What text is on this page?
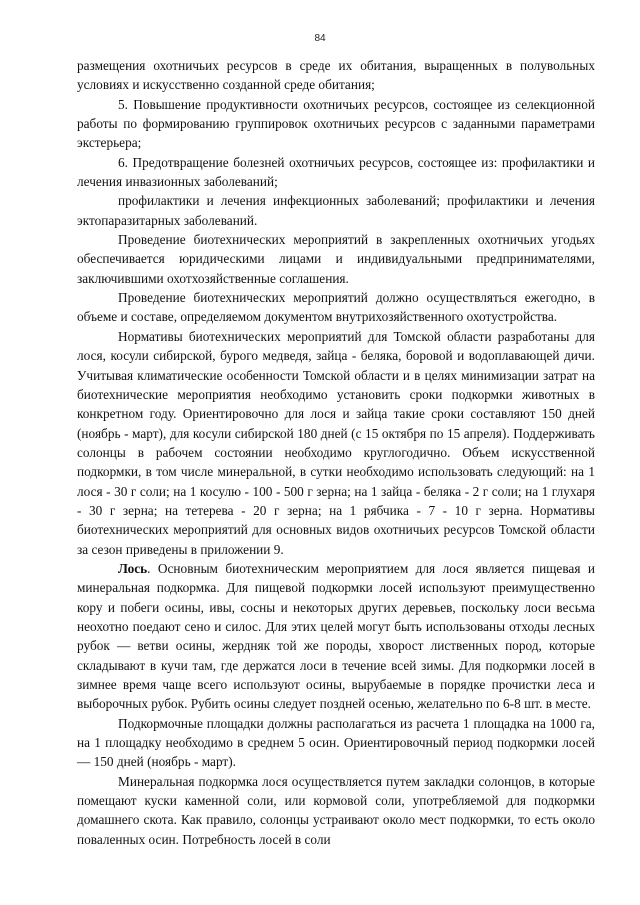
84

размещения охотничьих ресурсов в среде их обитания, выращенных в полувольных условиях и искусственно созданной среде обитания;

5. Повышение продуктивности охотничьих ресурсов, состоящее из селекционной работы по формированию группировок охотничьих ресурсов с заданными параметрами экстерьера;

6. Предотвращение болезней охотничьих ресурсов, состоящее из: профилактики и лечения инвазионных заболеваний;

профилактики и лечения инфекционных заболеваний; профилактики и лечения эктопаразитарных заболеваний.

Проведение биотехнических мероприятий в закрепленных охотничьих угодьях обеспечивается юридическими лицами и индивидуальными предпринимателями, заключившими охотхозяйственные соглашения.

Проведение биотехнических мероприятий должно осуществляться ежегодно, в объеме и составе, определяемом документом внутрихозяйственного охотустройства.

Нормативы биотехнических мероприятий для Томской области разработаны для лося, косули сибирской, бурого медведя, зайца - беляка, боровой и водоплавающей дичи. Учитывая климатические особенности Томской области и в целях минимизации затрат на биотехнические мероприятия необходимо установить сроки подкормки животных в конкретном году. Ориентировочно для лося и зайца такие сроки составляют 150 дней (ноябрь - март), для косули сибирской 180 дней (с 15 октября по 15 апреля). Поддерживать солонцы в рабочем состоянии необходимо круглогодично. Объем искусственной подкормки, в том числе минеральной, в сутки необходимо использовать следующий: на 1 лося - 30 г соли; на 1 косулю - 100 - 500 г зерна; на 1 зайца - беляка - 2 г соли; на 1 глухаря - 30 г зерна; на тетерева - 20 г зерна; на 1 рябчика - 7 - 10 г зерна. Нормативы биотехнических мероприятий для основных видов охотничьих ресурсов Томской области за сезон приведены в приложении 9.

Лось. Основным биотехническим мероприятием для лося является пищевая и минеральная подкормка. Для пищевой подкормки лосей используют преимущественно кору и побеги осины, ивы, сосны и некоторых других деревьев, поскольку лоси весьма неохотно поедают сено и силос. Для этих целей могут быть использованы отходы лесных рубок — ветви осины, жердняк той же породы, хворост лиственных пород, которые складывают в кучи там, где держатся лоси в течение всей зимы. Для подкормки лосей в зимнее время чаще всего используют осины, вырубаемые в порядке прочистки леса и выборочных рубок. Рубить осины следует поздней осенью, желательно по 6-8 шт. в месте.

Подкормочные площадки должны располагаться из расчета 1 площадка на 1000 га, на 1 площадку необходимо в среднем 5 осин. Ориентировочный период подкормки лосей — 150 дней (ноябрь - март).

Минеральная подкормка лося осуществляется путем закладки солонцов, в которые помещают куски каменной соли, или кормовой соли, употребляемой для подкормки домашнего скота. Как правило, солонцы устраивают около мест подкормки, то есть около поваленных осин. Потребность лосей в соли
